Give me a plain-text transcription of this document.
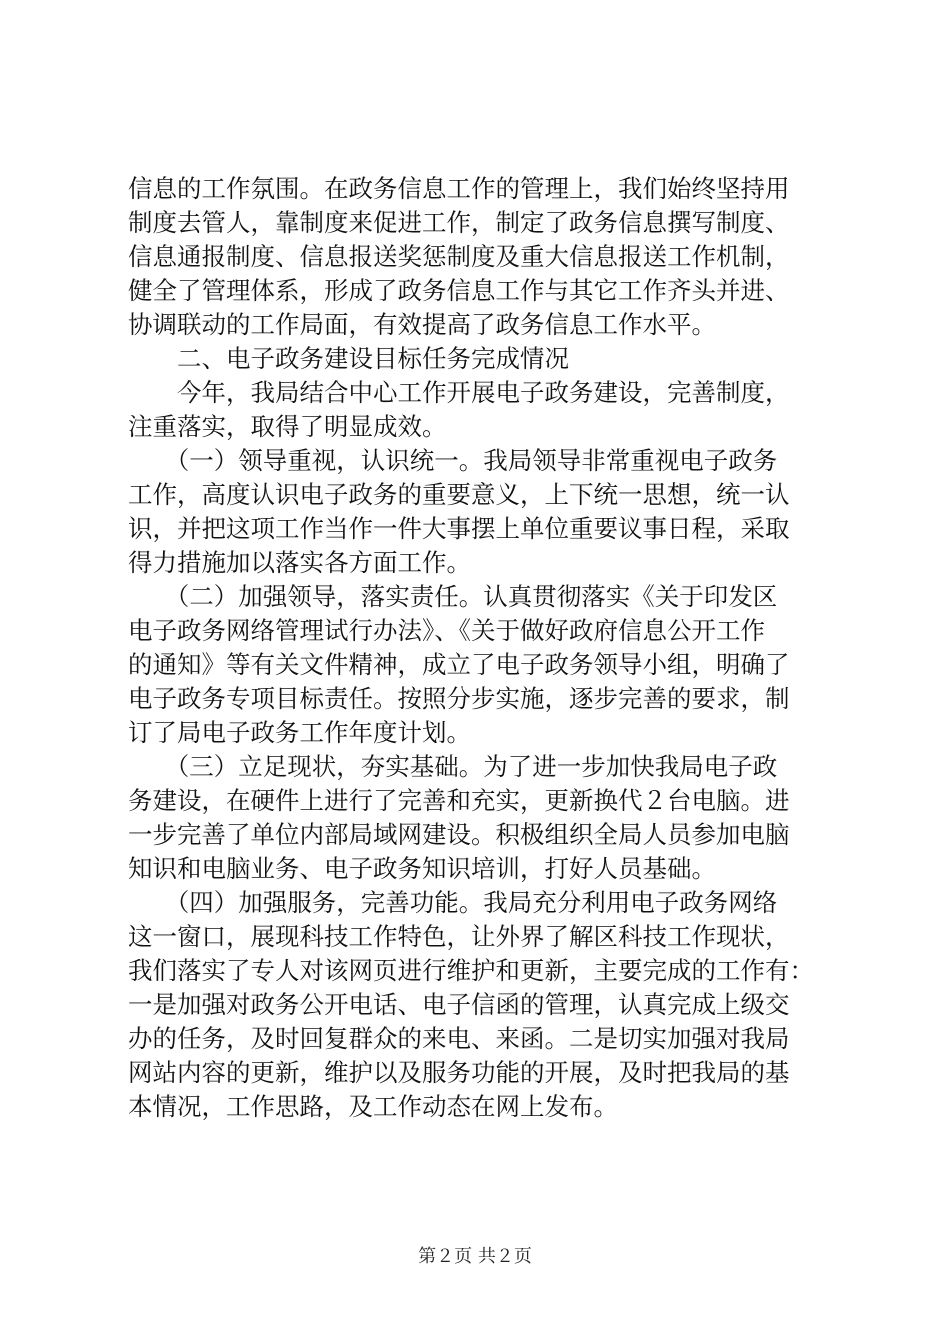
信息的工作氛围。在政务信息工作的管理上，我们始终坚持用
制度去管人，靠制度来促进工作，制定了政务信息撰写制度、
信息通报制度、信息报送奖惩制度及重大信息报送工作机制，
健全了管理体系，形成了政务信息工作与其它工作齐头并进、
协调联动的工作局面，有效提高了政务信息工作水平。
　　二、电子政务建设目标任务完成情况
　　今年，我局结合中心工作开展电子政务建设，完善制度，
注重落实，取得了明显成效。
　　（一）领导重视，认识统一。我局领导非常重视电子政务
工作，高度认识电子政务的重要意义，上下统一思想，统一认
识，并把这项工作当作一件大事摆上单位重要议事日程，采取
得力措施加以落实各方面工作。
　　（二）加强领导，落实责任。认真贯彻落实《关于印发区
电子政务网络管理试行办法》、《关于做好政府信息公开工作
的通知》等有关文件精神，成立了电子政务领导小组，明确了
电子政务专项目标责任。按照分步实施，逐步完善的要求，制
订了局电子政务工作年度计划。
　　（三）立足现状，夯实基础。为了进一步加快我局电子政
务建设，在硬件上进行了完善和充实，更新换代２台电脑。进
一步完善了单位内部局域网建设。积极组织全局人员参加电脑
知识和电脑业务、电子政务知识培训，打好人员基础。
　　（四）加强服务，完善功能。我局充分利用电子政务网络
这一窗口，展现科技工作特色，让外界了解区科技工作现状，
我们落实了专人对该网页进行维护和更新，主要完成的工作有：
一是加强对政务公开电话、电子信函的管理，认真完成上级交
办的任务，及时回复群众的来电、来函。二是切实加强对我局
网站内容的更新，维护以及服务功能的开展，及时把我局的基
本情况，工作思路，及工作动态在网上发布。
第２页 共２页
